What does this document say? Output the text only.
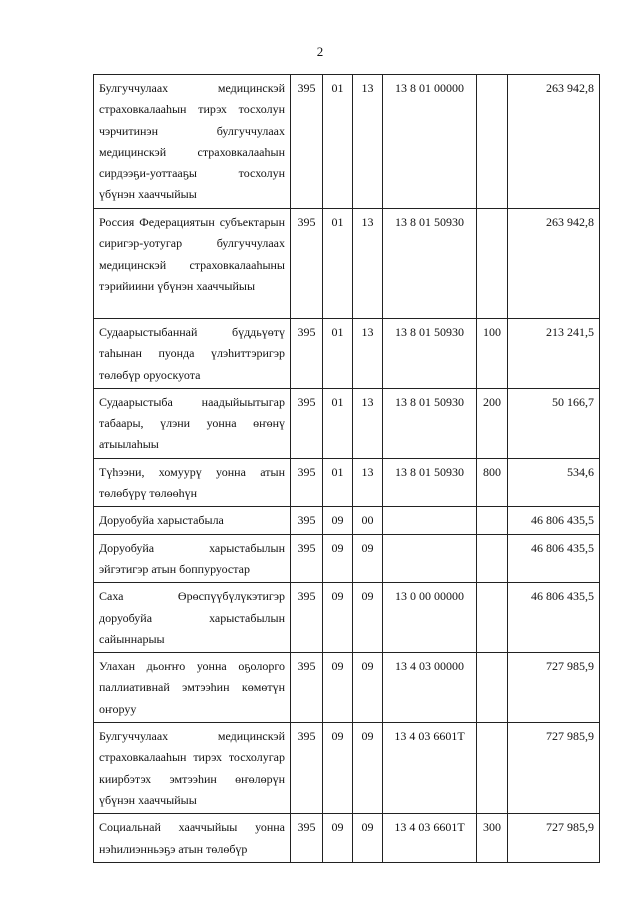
2
Булгуччулаах медицинскэй страховкалааһын тирэх тосхолун чэрчитинэн булгуччулаах медицинскэй страховкалааһын сирдээҕи-уоттааҕы тосхолун үбүнэн хааччыйыы	395	01	13	13 8 01 00000		263 942,8
Россия Федерациятын субъектарын сиригэр-уотугар булгуччулаах медицинскэй страховкалааһыны тэрийиини үбүнэн хааччыйыы	395	01	13	13 8 01 50930		263 942,8
Судаарыстыбаннай бүддьүөтү таһынан пуонда үлэһиттэригэр төлөбүр оруоскуота	395	01	13	13 8 01 50930	100	213 241,5
Судаарыстыба наадыйыытыгар табаары, үлэни уонна өҥөнү атыылаһыы	395	01	13	13 8 01 50930	200	50 166,7
Түһээни, хомуурү уонна атын төлөбүрү төлөөһүн	395	01	13	13 8 01 50930	800	534,6
Доруобуйа харыстабыла	395	09	00			46 806 435,5
Доруобуйа харыстабылын эйгэтигэр атын боппуруостар	395	09	09			46 806 435,5
Саха Өрөспүүбүлүкэтигэр доруобуйа харыстабылын сайыннарыы	395	09	09	13 0 00 00000		46 806 435,5
Улахан дьоҥҥо уонна оҕолорго паллиативнай эмтээһин көмөтүн оҥоруу	395	09	09	13 4 03 00000		727 985,9
Булгуччулаах медицинскэй страховкалааһын тирэх тосхолугар киирбэтэх эмтээһин өҥөлөрүн үбүнэн хааччыйыы	395	09	09	13 4 03 6601Т		727 985,9
Социальнай хааччыйыы уонна нэһилиэнньэҕэ атын төлөбүр	395	09	09	13 4 03 6601Т	300	727 985,9
